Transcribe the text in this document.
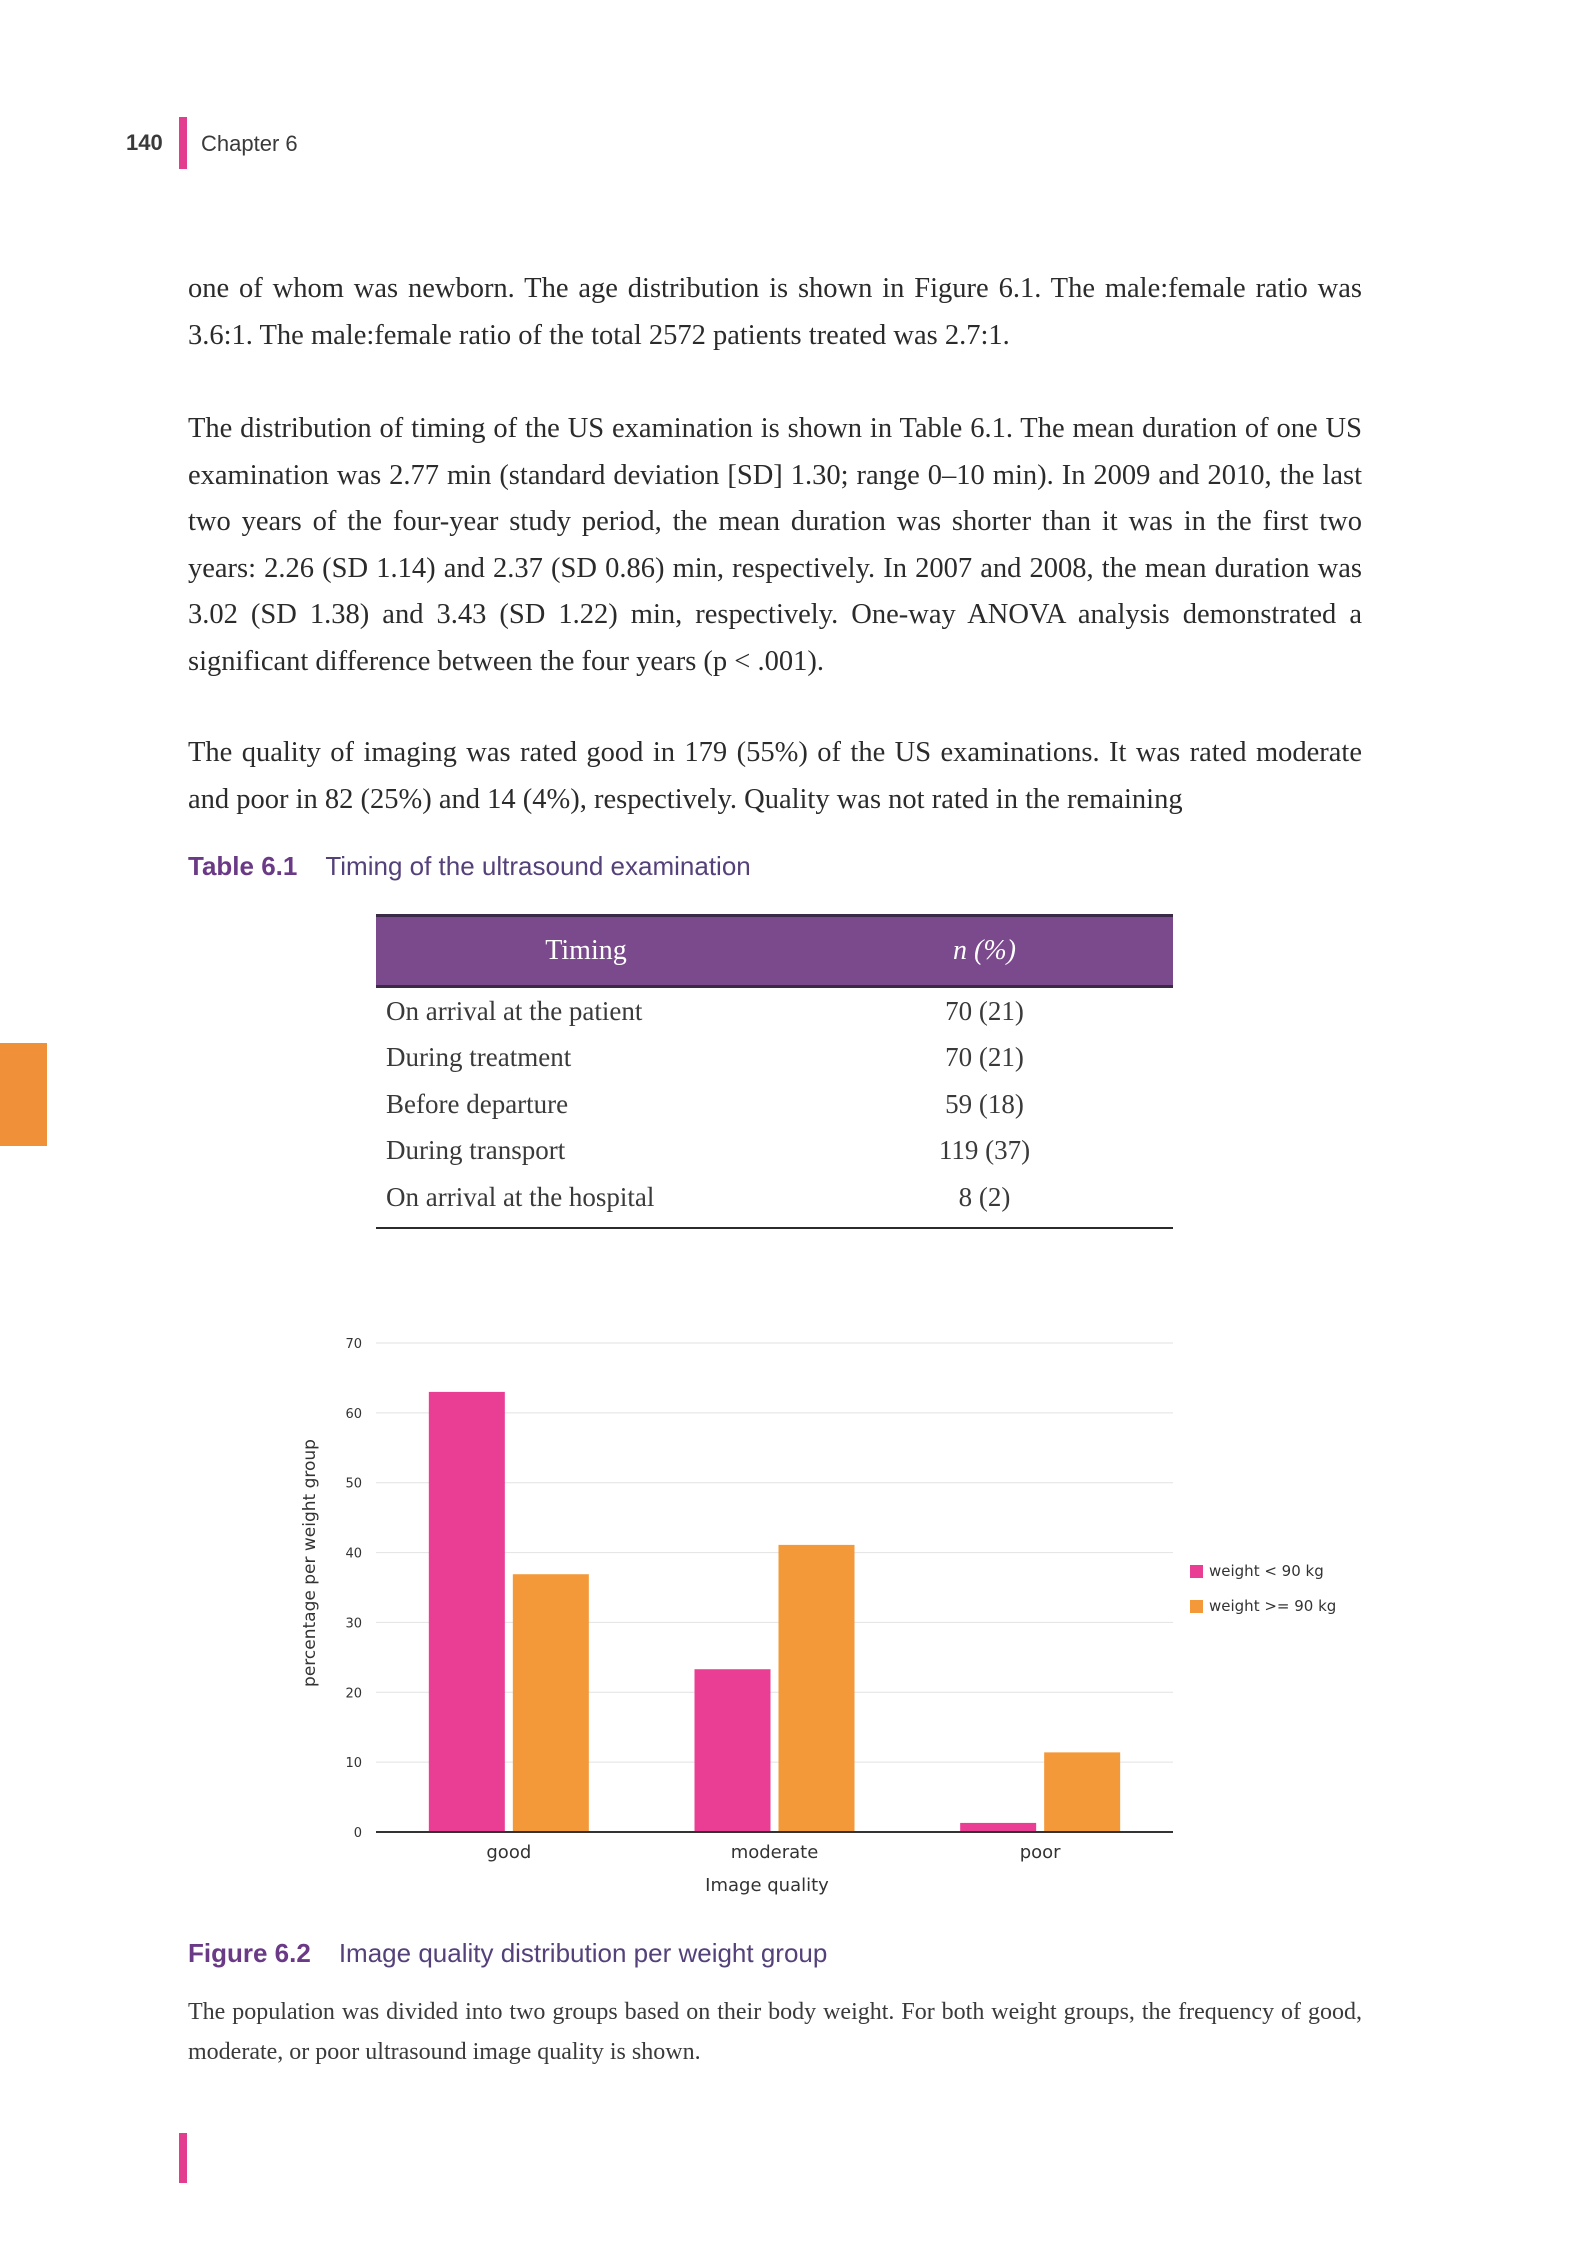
140 Chapter 6
one of whom was newborn. The age distribution is shown in Figure 6.1. The male:female ratio was 3.6:1. The male:female ratio of the total 2572 patients treated was 2.7:1.
The distribution of timing of the US examination is shown in Table 6.1. The mean duration of one US examination was 2.77 min (standard deviation [SD] 1.30; range 0–10 min). In 2009 and 2010, the last two years of the four-year study period, the mean duration was shorter than it was in the first two years: 2.26 (SD 1.14) and 2.37 (SD 0.86) min, respectively. In 2007 and 2008, the mean duration was 3.02 (SD 1.38) and 3.43 (SD 1.22) min, respectively. One-way ANOVA analysis demonstrated a significant difference between the four years (p < .001).
The quality of imaging was rated good in 179 (55%) of the US examinations. It was rated moderate and poor in 82 (25%) and 14 (4%), respectively. Quality was not rated in the remaining
Table 6.1 Timing of the ultrasound examination
Timing	n (%)
On arrival at the patient	70 (21)
During treatment	70 (21)
Before departure	59 (18)
During transport	119 (37)
On arrival at the hospital	8 (2)
0
10
20
30
40
50
60
70
good	moderate	poor
percentage per weight group
Image quality
weight < 90 kg
weight >= 90 kg
Figure 6.2 Image quality distribution per weight group
The population was divided into two groups based on their body weight. For both weight groups, the frequency of good, moderate, or poor ultrasound image quality is shown.
